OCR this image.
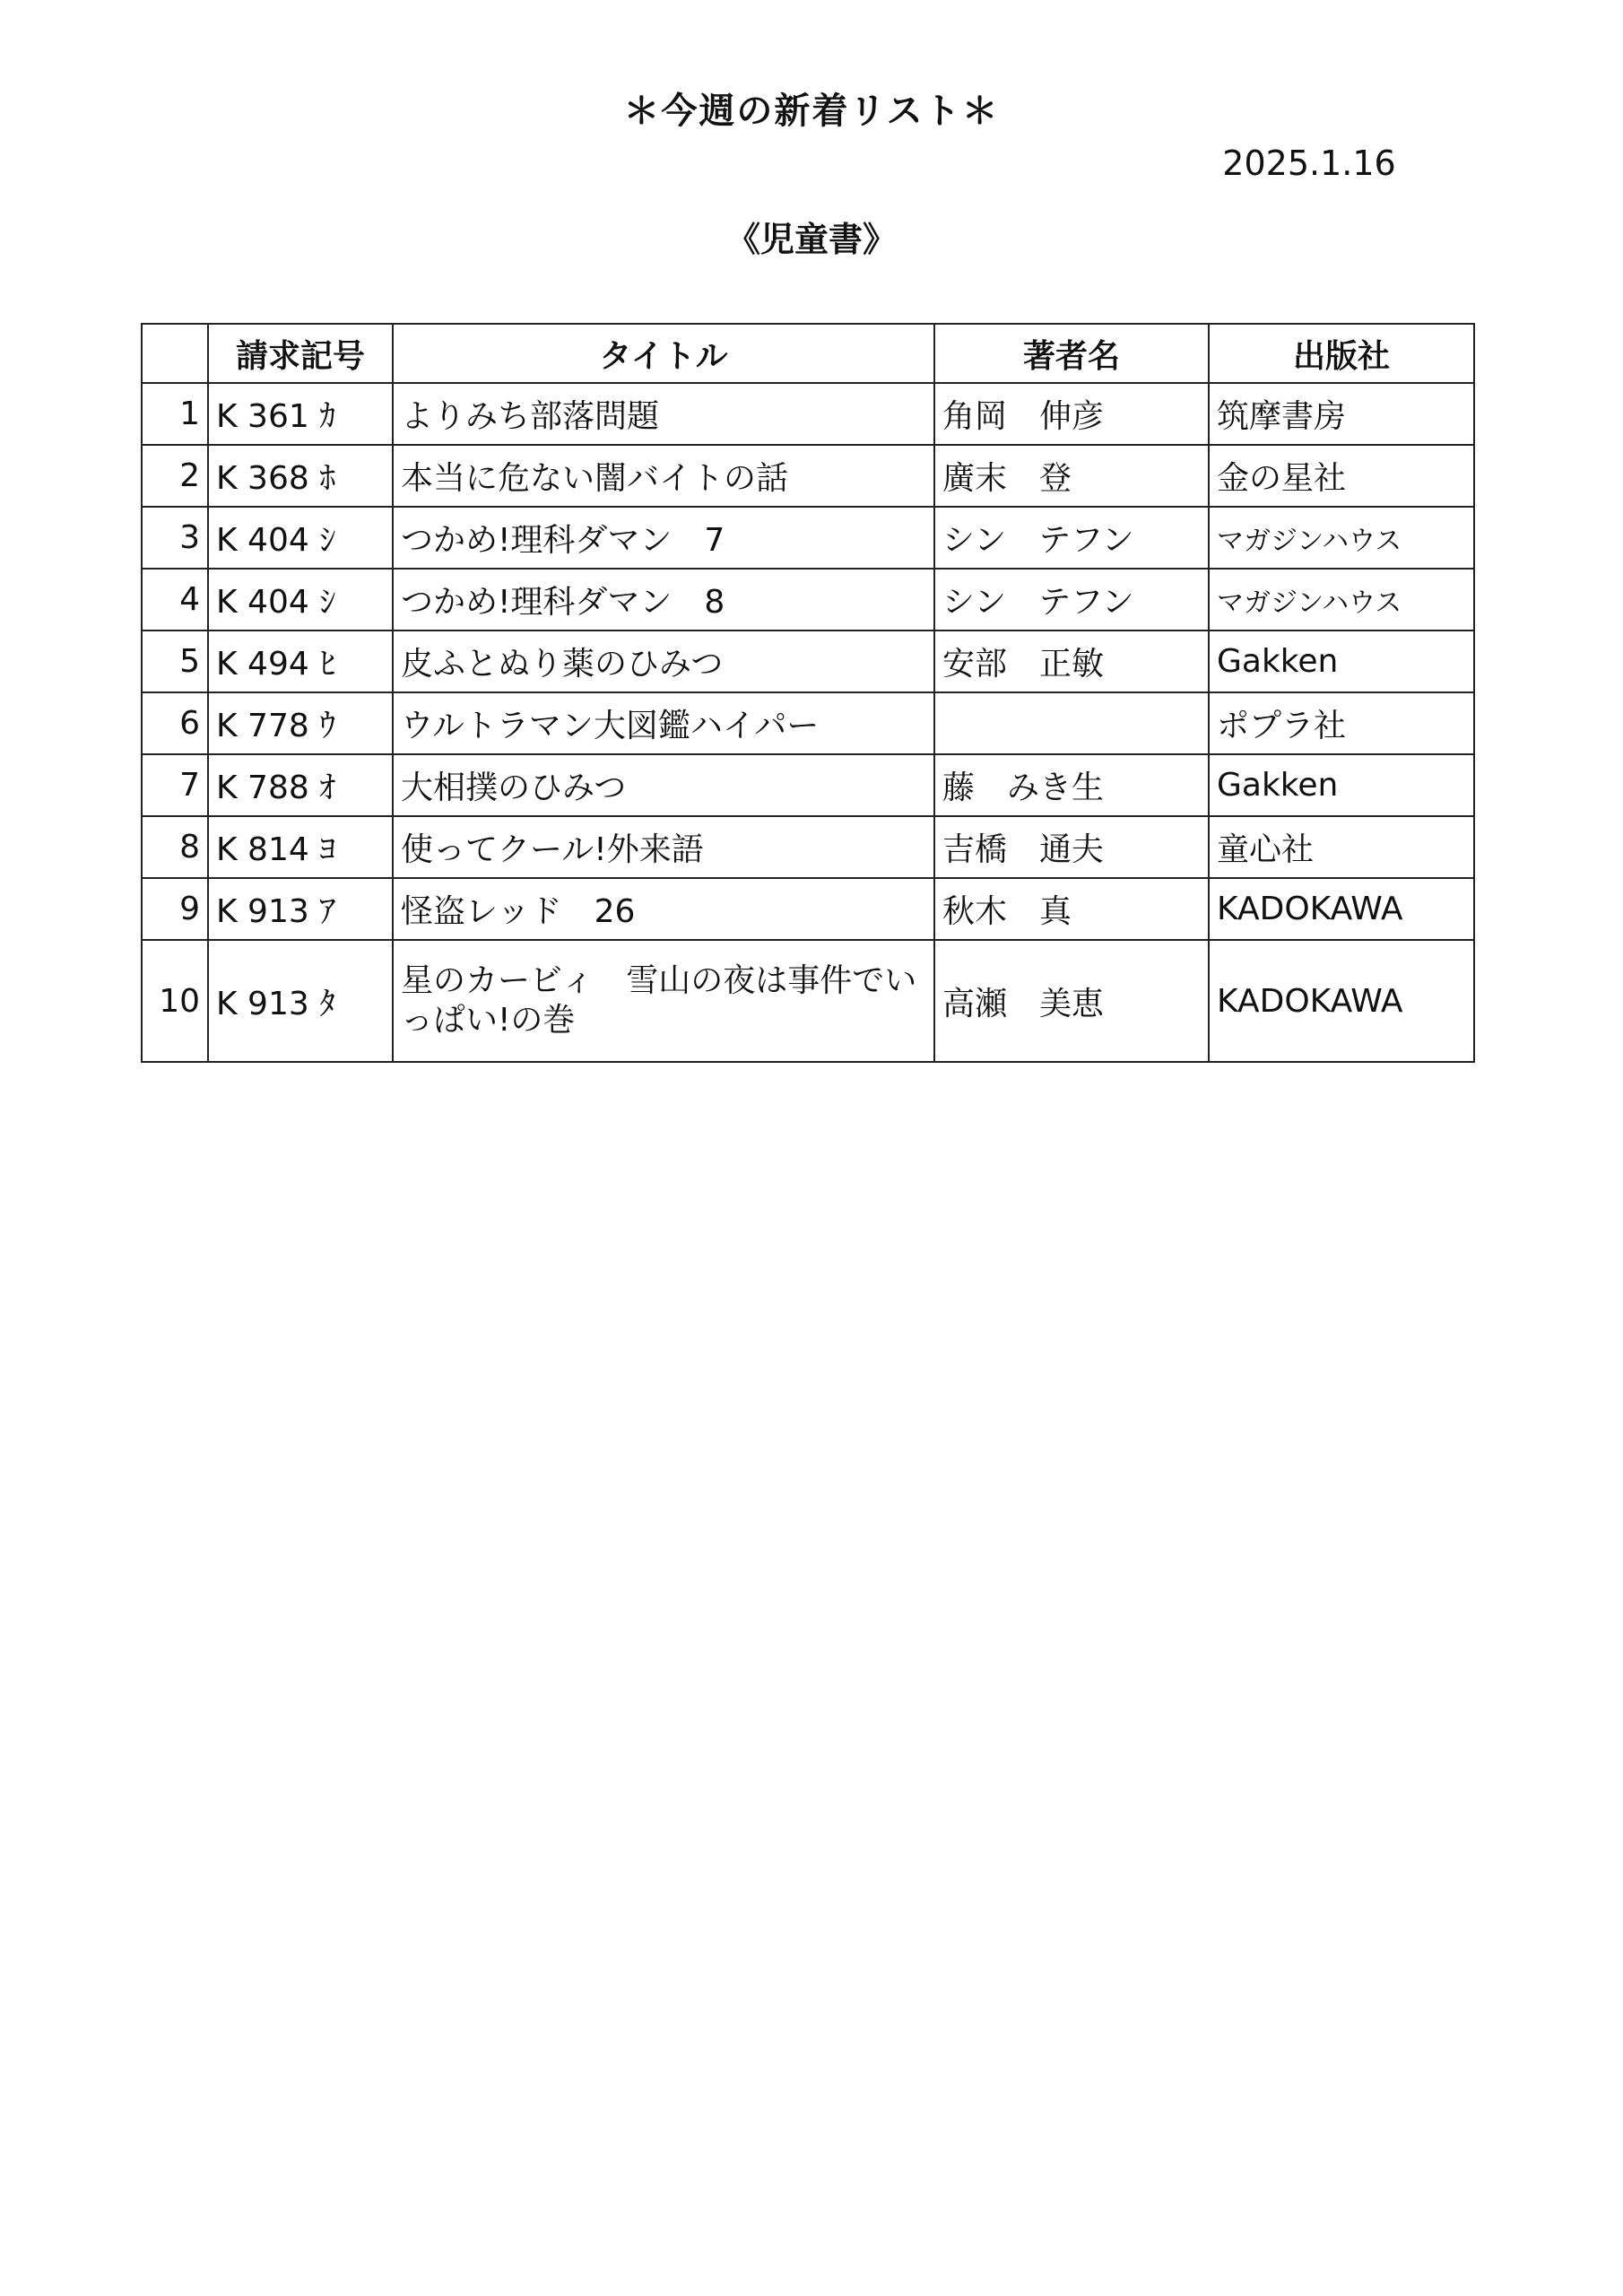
＊今週の新着リスト＊
2025.1.16
《児童書》
	請求記号	タイトル	著者名	出版社
1	K 361 ｶ	よりみち部落問題	角岡　伸彦	筑摩書房
2	K 368 ﾎ	本当に危ない闇バイトの話	廣末　登	金の星社
3	K 404 ｼ	つかめ!理科ダマン　7	シン　テフン	マガジンハウス
4	K 404 ｼ	つかめ!理科ダマン　8	シン　テフン	マガジンハウス
5	K 494 ﾋ	皮ふとぬり薬のひみつ	安部　正敏	Gakken
6	K 778 ｳ	ウルトラマン大図鑑ハイパー		ポプラ社
7	K 788 ｵ	大相撲のひみつ	藤　みき生	Gakken
8	K 814 ﾖ	使ってクール!外来語	吉橋　通夫	童心社
9	K 913 ｱ	怪盗レッド　26	秋木　真	KADOKAWA
10	K 913 ﾀ	星のカービィ　雪山の夜は事件でいっぱい!の巻	高瀬　美恵	KADOKAWA
